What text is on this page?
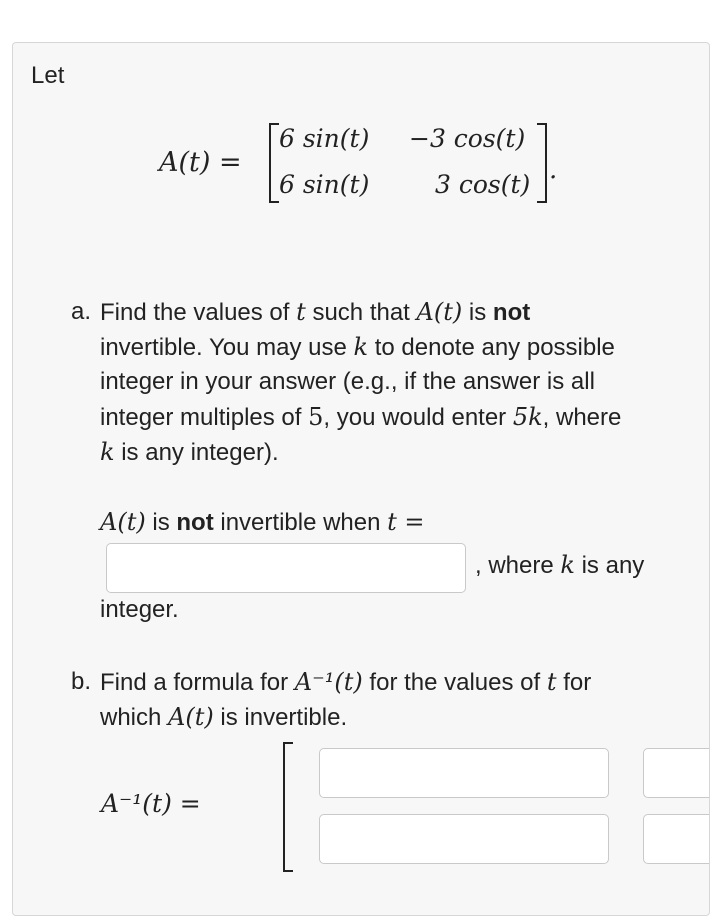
Let
A(t) =
6 sin(t) −3 cos(t)
6 sin(t)	3 cos(t) .
a. Find the values of t such that A(t) is not
invertible. You may use k to denote any possible
integer in your answer (e.g., if the answer is all
integer multiples of 5, you would enter 5k, where
k is any integer).
A(t) is not invertible when t =
, where k is any
integer.
b. Find a formula for A⁻¹(t) for the values of t for
which A(t) is invertible.
A⁻¹(t) =
